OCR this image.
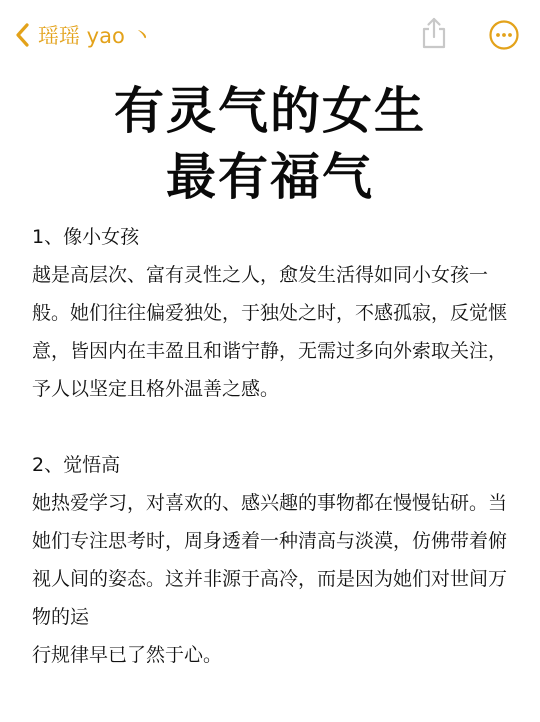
瑶瑶 yao 丶
有灵气的女生
最有福气
1、像小女孩
越是高层次、富有灵性之人，愈发生活得如同小女孩一般。她们往往偏爱独处，于独处之时，不感孤寂，反觉惬意，皆因内在丰盈且和谐宁静，无需过多向外索取关注，予人以坚定且格外温善之感。
2、觉悟高
她热爱学习，对喜欢的、感兴趣的事物都在慢慢钻研。当她们专注思考时，周身透着一种清高与淡漠，仿佛带着俯视人间的姿态。这并非源于高冷，而是因为她们对世间万物的运
行规律早已了然于心。
